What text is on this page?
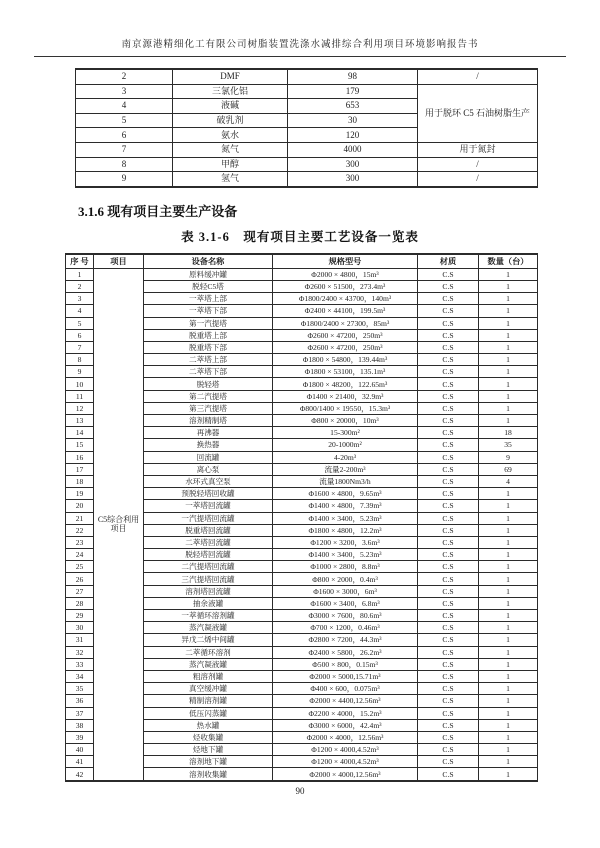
南京源港精细化工有限公司树脂装置洗涤水减排综合利用项目环境影响报告书
2	DMF	98	/
3	三氯化铝	179	用于脱环 C5 石油树脂生产
4	液碱	653	
5	破乳剂	30	
6	氨水	120	
7	氮气	4000	用于氮封
8	甲醇	300	/
9	氢气	300	/
3.1.6 现有项目主要生产设备
表 3.1-6　现有项目主要工艺设备一览表
序 号	项目	设备名称	规格型号	材质	数量（台）
1	C5综合利用项目	原料缓冲罐	Φ2000 × 4800，15m³	C.S	1
2		脱轻C5塔	Φ2600 × 51500，273.4m³	C.S	1
3		一萃塔上部	Φ1800/2400 × 43700，140m³	C.S	1
4		一萃塔下部	Φ2400 × 44100，199.5m³	C.S	1
5		第一汽提塔	Φ1800/2400 × 27300，85m³	C.S	1
6		脱重塔上部	Φ2600 × 47200，250m³	C.S	1
7		脱重塔下部	Φ2600 × 47200，250m³	C.S	1
8		二萃塔上部	Φ1800 × 54800，139.44m³	C.S	1
9		二萃塔下部	Φ1800 × 53100，135.1m³	C.S	1
10		脱轻塔	Φ1800 × 48200，122.65m³	C.S	1
11		第二汽提塔	Φ1400 × 21400，32.9m³	C.S	1
12		第三汽提塔	Φ800/1400 × 19550，15.3m³	C.S	1
13		溶剂精制塔	Φ800 × 20000，10m³	C.S	1
14		再沸器	15-300m²	C.S	18
15		换热器	20-1000m²	C.S	35
16		回流罐	4-20m³	C.S	9
17		离心泵	流量2-200m³	C.S	69
18		水环式真空泵	流量1800Nm3/h	C.S	4
19		预脱轻塔回收罐	Φ1600 × 4800，9.65m³	C.S	1
20		一萃塔回流罐	Φ1400 × 4800，7.39m³	C.S	1
21		一汽提塔回流罐	Φ1400 × 3400，5.23m³	C.S	1
22		脱重塔回流罐	Φ1800 × 4800，12.2m³	C.S	1
23		二萃塔回流罐	Φ1200 × 3200，3.6m³	C.S	1
24		脱轻塔回流罐	Φ1400 × 3400，5.23m³	C.S	1
25		二汽提塔回流罐	Φ1000 × 2800，8.8m³	C.S	1
26		三汽提塔回流罐	Φ800 × 2000，0.4m³	C.S	1
27		溶剂塔回流罐	Φ1600 × 3000，6m³	C.S	1
28		抽余液罐	Φ1600 × 3400，6.8m³	C.S	1
29		一萃循环溶剂罐	Φ3000 × 7600，80.6m³	C.S	1
30		蒸汽凝液罐	Φ700 × 1200，0.46m³	C.S	1
31		异戊二烯中间罐	Φ2800 × 7200，44.3m³	C.S	1
32		二萃循环溶剂	Φ2400 × 5800，26.2m³	C.S	1
33		蒸汽凝液罐	Φ500 × 800，0.15m³	C.S	1
34		粗溶剂罐	Φ2000 × 5000,15.71m³	C.S	1
35		真空缓冲罐	Φ400 × 600，0.075m³	C.S	1
36		精制溶剂罐	Φ2000 × 4400,12.56m³	C.S	1
37		低压闪蒸罐	Φ2200 × 4000，15.2m³	C.S	1
38		热水罐	Φ3000 × 6000，42.4m³	C.S	1
39		烃收集罐	Φ2000 × 4000，12.56m³	C.S	1
40		烃地下罐	Φ1200 × 4000,4.52m³	C.S	1
41		溶剂地下罐	Φ1200 × 4000,4.52m³	C.S	1
42		溶剂收集罐	Φ2000 × 4000,12.56m³	C.S	1
90
